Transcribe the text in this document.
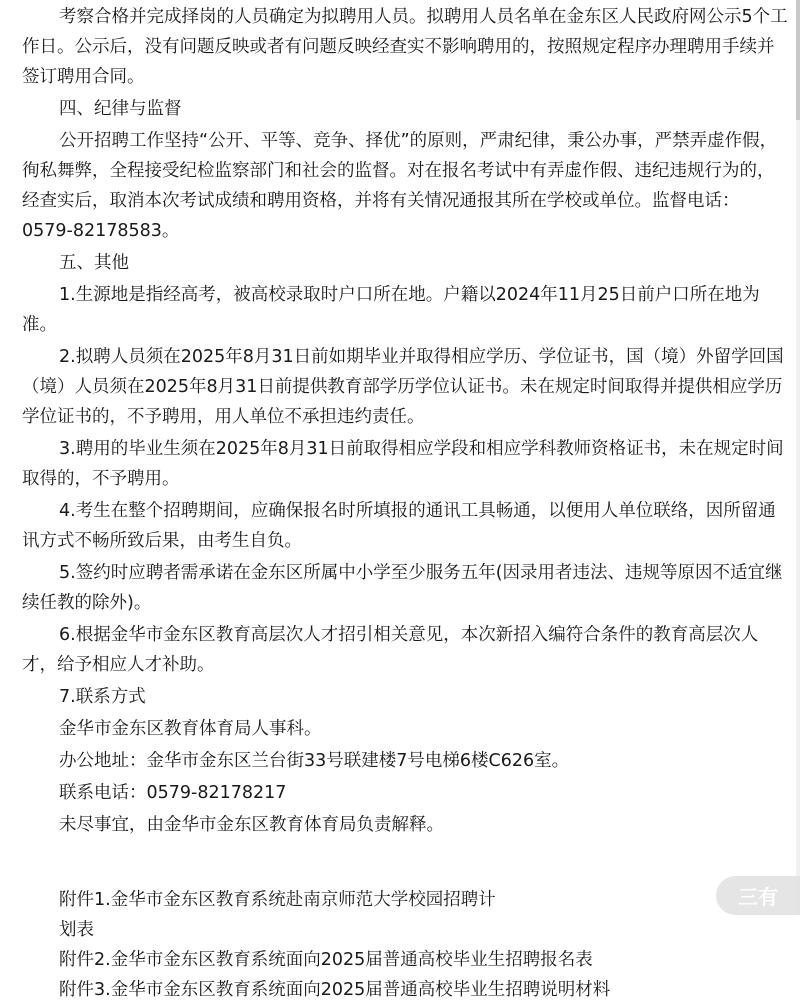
考察合格并完成择岗的人员确定为拟聘用人员。拟聘用人员名单在金东区人民政府网公示5个工作日。公示后，没有问题反映或者有问题反映经查实不影响聘用的，按照规定程序办理聘用手续并签订聘用合同。

四、纪律与监督

公开招聘工作坚持“公开、平等、竞争、择优”的原则，严肃纪律，秉公办事，严禁弄虚作假，徇私舞弊，全程接受纪检监察部门和社会的监督。对在报名考试中有弄虚作假、违纪违规行为的，经查实后，取消本次考试成绩和聘用资格，并将有关情况通报其所在学校或单位。监督电话：0579-82178583。

五、其他

1.生源地是指经高考，被高校录取时户口所在地。户籍以2024年11月25日前户口所在地为准。

2.拟聘人员须在2025年8月31日前如期毕业并取得相应学历、学位证书，国（境）外留学回国（境）人员须在2025年8月31日前提供教育部学历学位认证书。未在规定时间取得并提供相应学历学位证书的，不予聘用，用人单位不承担违约责任。

3.聘用的毕业生须在2025年8月31日前取得相应学段和相应学科教师资格证书，未在规定时间取得的，不予聘用。

4.考生在整个招聘期间，应确保报名时所填报的通讯工具畅通，以便用人单位联络，因所留通讯方式不畅所致后果，由考生自负。

5.签约时应聘者需承诺在金东区所属中小学至少服务五年(因录用者违法、违规等原因不适宜继续任教的除外)。

6.根据金华市金东区教育高层次人才招引相关意见，本次新招入编符合条件的教育高层次人才，给予相应人才补助。

7.联系方式

金华市金东区教育体育局人事科。

办公地址：金华市金东区兰台街33号联建楼7号电梯6楼C626室。

联系电话：0579-82178217

未尽事宜，由金华市金东区教育体育局负责解释。

附件1.金华市金东区教育系统赴南京师范大学校园招聘计

划表

附件2.金华市金东区教育系统面向2025届普通高校毕业生招聘报名表

附件3.金华市金东区教育系统面向2025届普通高校毕业生招聘说明材料

三有
